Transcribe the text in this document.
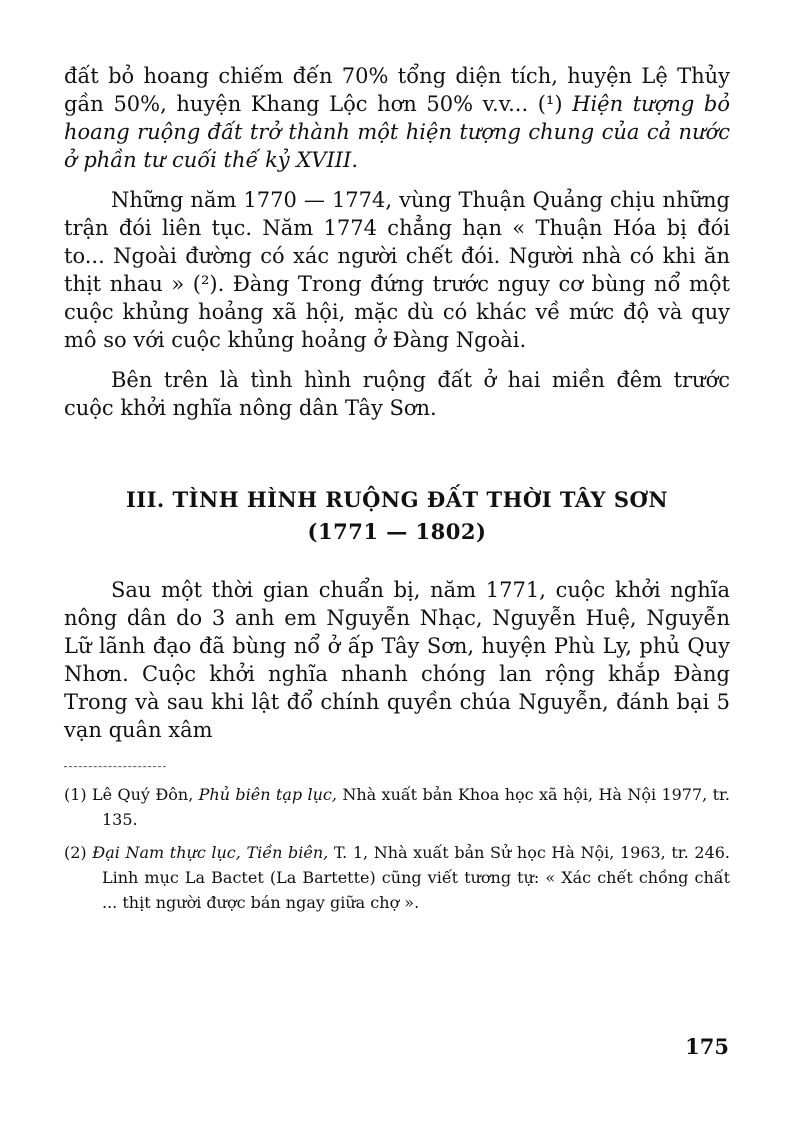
đất bỏ hoang chiếm đến 70% tổng diện tích, huyện Lệ Thủy gần 50%, huyện Khang Lộc hơn 50% v.v... (¹) Hiện tượng bỏ hoang ruộng đất trở thành một hiện tượng chung của cả nước ở phần tư cuối thế kỷ XVIII.

Những năm 1770 — 1774, vùng Thuận Quảng chịu những trận đói liên tục. Năm 1774 chẳng hạn « Thuận Hóa bị đói to... Ngoài đường có xác người chết đói. Người nhà có khi ăn thịt nhau » (²). Đàng Trong đứng trước nguy cơ bùng nổ một cuộc khủng hoảng xã hội, mặc dù có khác về mức độ và quy mô so với cuộc khủng hoảng ở Đàng Ngoài.

Bên trên là tình hình ruộng đất ở hai miền đêm trước cuộc khởi nghĩa nông dân Tây Sơn.

III. TÌNH HÌNH RUỘNG ĐẤT THỜI TÂY SƠN
(1771 — 1802)

Sau một thời gian chuẩn bị, năm 1771, cuộc khởi nghĩa nông dân do 3 anh em Nguyễn Nhạc, Nguyễn Huệ, Nguyễn Lữ lãnh đạo đã bùng nổ ở ấp Tây Sơn, huyện Phù Ly, phủ Quy Nhơn. Cuộc khởi nghĩa nhanh chóng lan rộng khắp Đàng Trong và sau khi lật đổ chính quyền chúa Nguyễn, đánh bại 5 vạn quân xâm

(1) Lê Quý Đôn, Phủ biên tạp lục, Nhà xuất bản Khoa học xã hội, Hà Nội 1977, tr. 135.

(2) Đại Nam thực lục, Tiền biên, T. 1, Nhà xuất bản Sử học Hà Nội, 1963, tr. 246. Linh mục La Bactet (La Bartette) cũng viết tương tự: « Xác chết chồng chất ... thịt người được bán ngay giữa chợ ».

175
